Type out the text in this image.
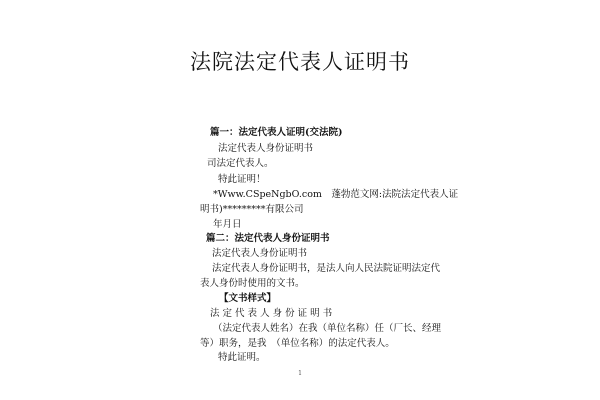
法院法定代表人证明书
篇一：法定代表人证明(交法院)
法定代表人身份证明书
司法定代表人。
特此证明！
*Www.CSpeNgbO.com　蓬勃范文网:法院法定代表人证
明书)*********有限公司
年月日
篇二：法定代表人身份证明书
法定代表人身份证明书
法定代表人身份证明书，是法人向人民法院证明法定代
表人身份时使用的文书。
【文书样式】
法 定 代 表 人 身 份 证 明 书
（法定代表人姓名）在我（单位名称）任（厂长、经理
等）职务，是我　（单位名称）的法定代表人。
特此证明。
1
